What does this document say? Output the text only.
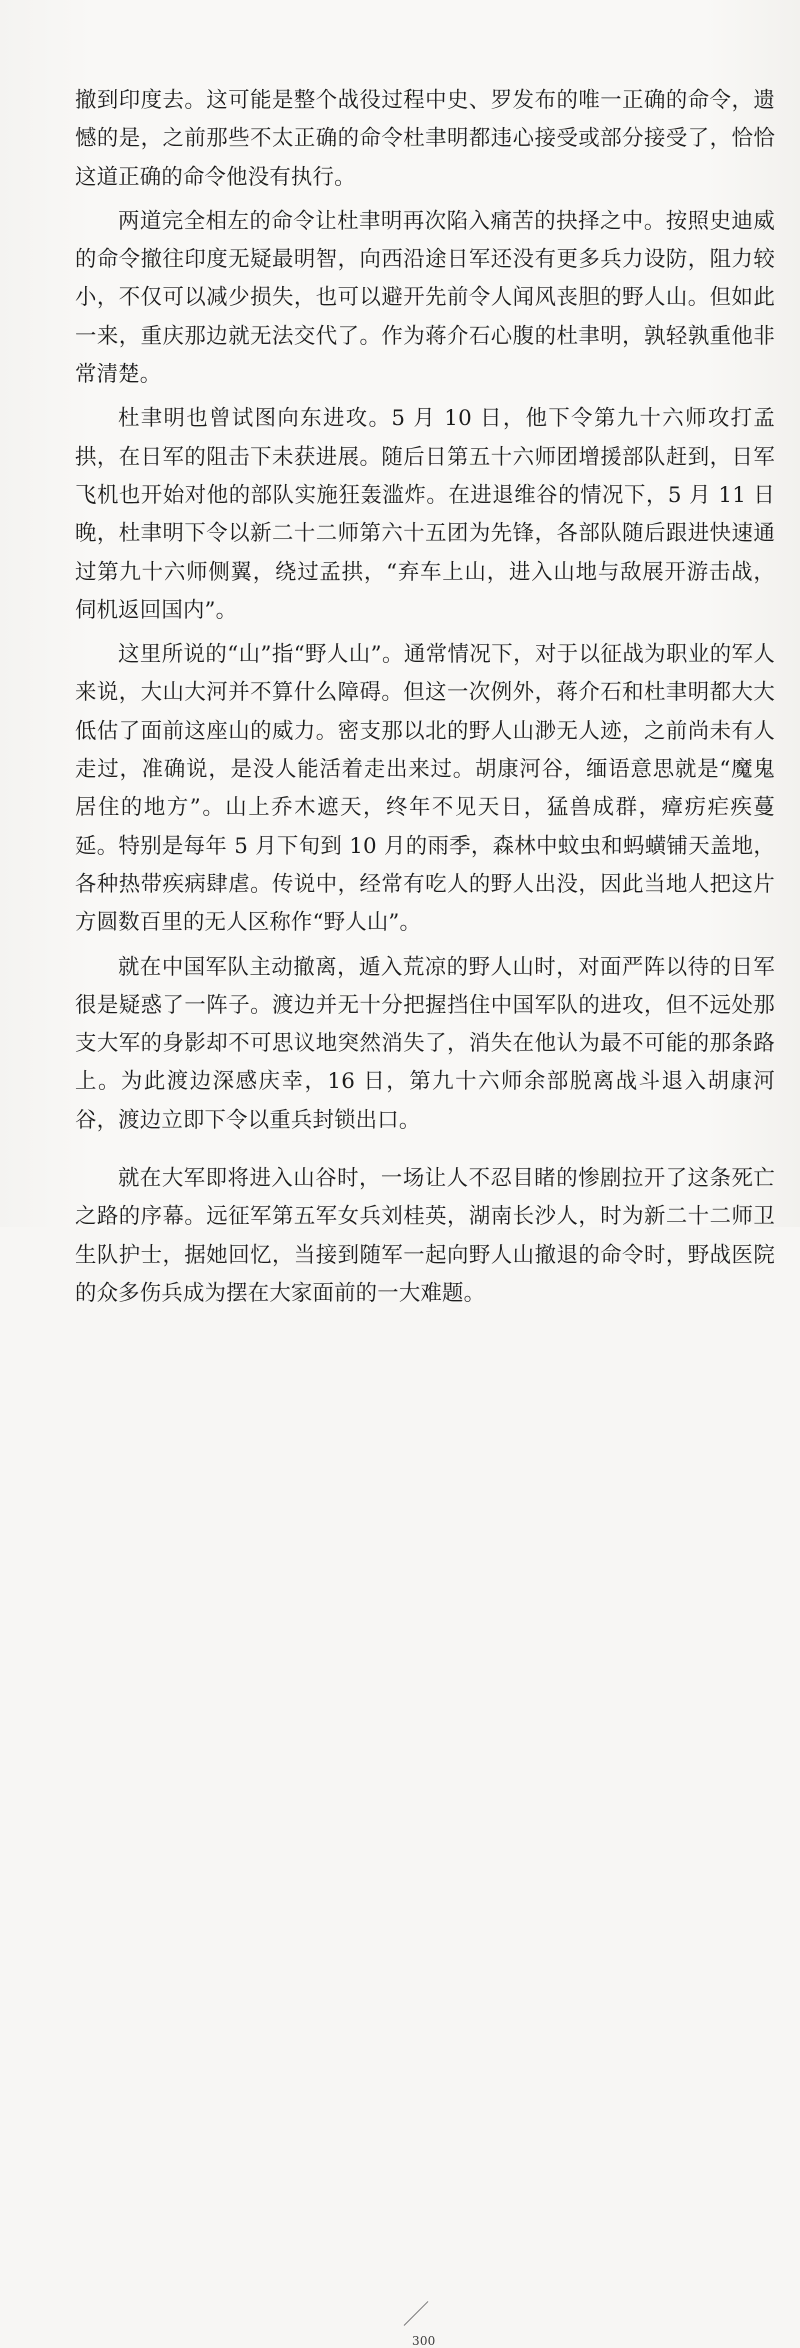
撤到印度去。这可能是整个战役过程中史、罗发布的唯一正确的命令，遗憾的是，之前那些不太正确的命令杜聿明都违心接受或部分接受了，恰恰这道正确的命令他没有执行。

两道完全相左的命令让杜聿明再次陷入痛苦的抉择之中。按照史迪威的命令撤往印度无疑最明智，向西沿途日军还没有更多兵力设防，阻力较小，不仅可以减少损失，也可以避开先前令人闻风丧胆的野人山。但如此一来，重庆那边就无法交代了。作为蒋介石心腹的杜聿明，孰轻孰重他非常清楚。

杜聿明也曾试图向东进攻。5 月 10 日，他下令第九十六师攻打孟拱，在日军的阻击下未获进展。随后日第五十六师团增援部队赶到，日军飞机也开始对他的部队实施狂轰滥炸。在进退维谷的情况下，5 月 11 日晚，杜聿明下令以新二十二师第六十五团为先锋，各部队随后跟进快速通过第九十六师侧翼，绕过孟拱，“弃车上山，进入山地与敌展开游击战，伺机返回国内”。

这里所说的“山”指“野人山”。通常情况下，对于以征战为职业的军人来说，大山大河并不算什么障碍。但这一次例外，蒋介石和杜聿明都大大低估了面前这座山的威力。密支那以北的野人山渺无人迹，之前尚未有人走过，准确说，是没人能活着走出来过。胡康河谷，缅语意思就是“魔鬼居住的地方”。山上乔木遮天，终年不见天日，猛兽成群，瘴疠疟疾蔓延。特别是每年 5 月下旬到 10 月的雨季，森林中蚊虫和蚂蟥铺天盖地，各种热带疾病肆虐。传说中，经常有吃人的野人出没，因此当地人把这片方圆数百里的无人区称作“野人山”。

就在中国军队主动撤离，遁入荒凉的野人山时，对面严阵以待的日军很是疑惑了一阵子。渡边并无十分把握挡住中国军队的进攻，但不远处那支大军的身影却不可思议地突然消失了，消失在他认为最不可能的那条路上。为此渡边深感庆幸，16 日，第九十六师余部脱离战斗退入胡康河谷，渡边立即下令以重兵封锁出口。

就在大军即将进入山谷时，一场让人不忍目睹的惨剧拉开了这条死亡之路的序幕。远征军第五军女兵刘桂英，湖南长沙人，时为新二十二师卫生队护士，据她回忆，当接到随军一起向野人山撤退的命令时，野战医院的众多伤兵成为摆在大家面前的一大难题。

300
